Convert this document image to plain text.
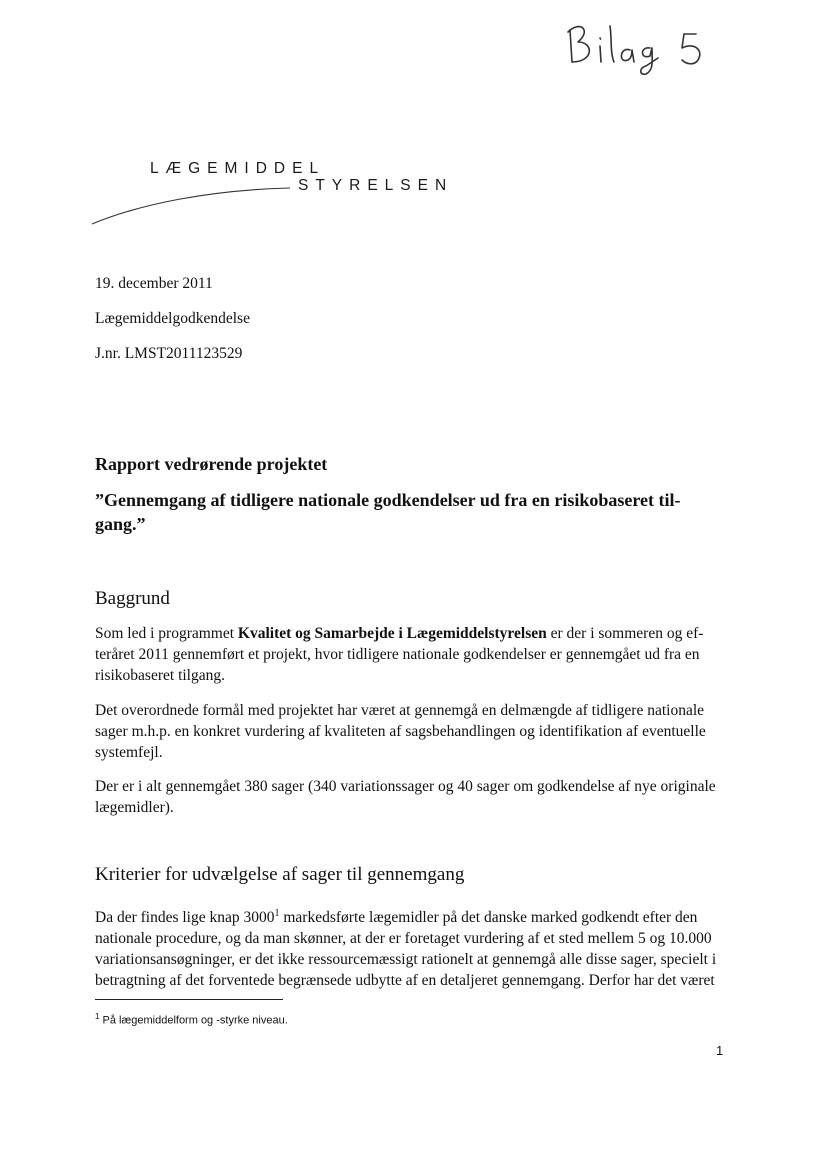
LÆGEMIDDEL
STYRELSEN
19. december 2011
Lægemiddelgodkendelse
J.nr. LMST2011123529
Rapport vedrørende projektet
”Gennemgang af tidligere nationale godkendelser ud fra en risikobaseret til-
gang.”
Baggrund
Som led i programmet Kvalitet og Samarbejde i Lægemiddelstyrelsen er der i sommeren og ef-
teråret 2011 gennemført et projekt, hvor tidligere nationale godkendelser er gennemgået ud fra en
risikobaseret tilgang.
Det overordnede formål med projektet har været at gennemgå en delmængde af tidligere nationale
sager m.h.p. en konkret vurdering af kvaliteten af sagsbehandlingen og identifikation af eventuelle
systemfejl.
Der er i alt gennemgået 380 sager (340 variationssager og 40 sager om godkendelse af nye originale
lægemidler).
Kriterier for udvælgelse af sager til gennemgang
Da der findes lige knap 3000$^1$ markedsførte lægemidler på det danske marked godkendt efter den
nationale procedure, og da man skønner, at der er foretaget vurdering af et sted mellem 5 og 10.000
variationsansøgninger, er det ikke ressourcemæssigt rationelt at gennemgå alle disse sager, specielt i
betragtning af det forventede begrænsede udbytte af en detaljeret gennemgang. Derfor har det været
$^1$ På lægemiddelform og -styrke niveau.
1
